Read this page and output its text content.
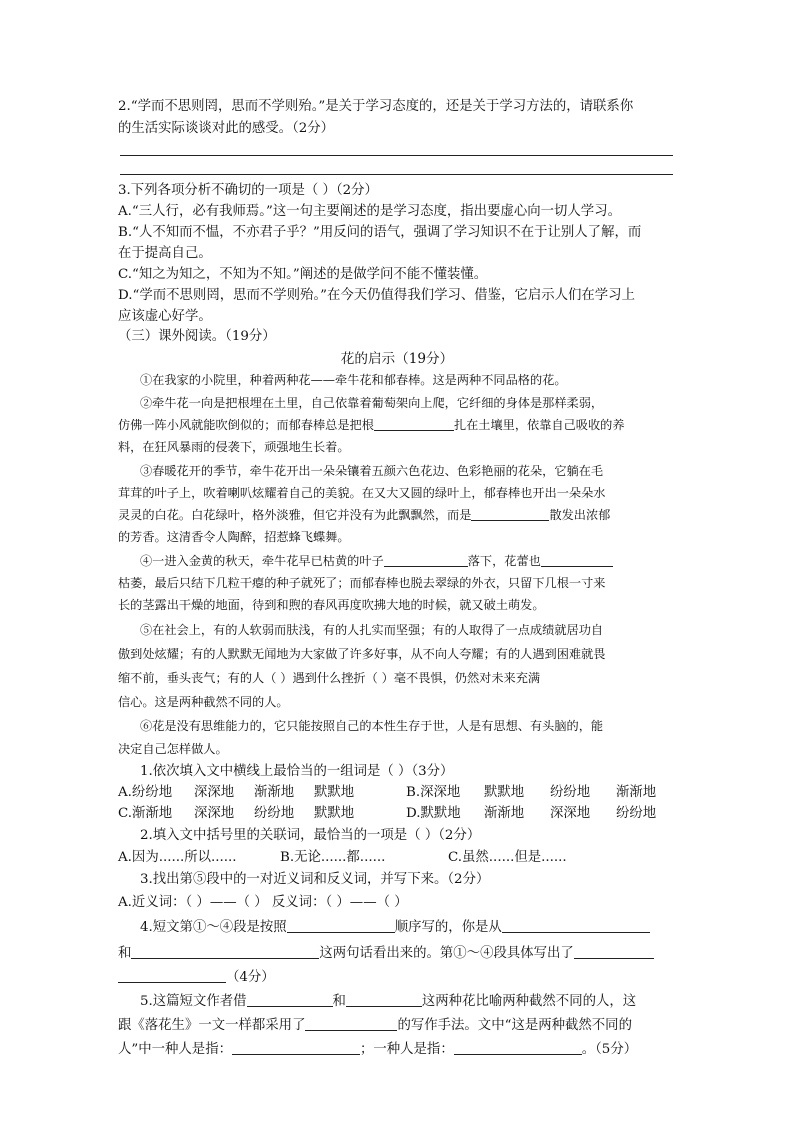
2.“学而不思则罔，思而不学则殆。”是关于学习态度的，还是关于学习方法的，请联系你
的生活实际谈谈对此的感受。（2分）
3.下列各项分析不确切的一项是（ ）（2分）
A.“三人行，必有我师焉。”这一句主要阐述的是学习态度，指出要虚心向一切人学习。
B.“人不知而不愠，不亦君子乎？”用反问的语气，强调了学习知识不在于让别人了解，而
在于提高自己。
C.“知之为知之，不知为不知。”阐述的是做学问不能不懂装懂。
D.“学而不思则罔，思而不学则殆。”在今天仍值得我们学习、借鉴，它启示人们在学习上
应该虚心好学。
（三）课外阅读。（19分）
花的启示（19分）
①在我家的小院里，种着两种花——牵牛花和郁春棒。这是两种不同品格的花。
②牵牛花一向是把根埋在土里，自己依靠着葡萄架向上爬，它纤细的身体是那样柔弱，
仿佛一阵小风就能吹倒似的；而郁春棒总是把根	扎在土壤里，依靠自己吸收的养
料，在狂风暴雨的侵袭下，顽强地生长着。
③春暖花开的季节，牵牛花开出一朵朵镶着五颜六色花边、色彩艳丽的花朵，它躺在毛
茸茸的叶子上，吹着喇叭炫耀着自己的美貌。在又大又圆的绿叶上，郁春棒也开出一朵朵水
灵灵的白花。白花绿叶，格外淡雅，但它并没有为此飘飘然，而是	散发出浓郁
的芳香。这清香令人陶醉，招惹蜂飞蝶舞。
④一进入金黄的秋天，牵牛花早已枯黄的叶子	落下，花蕾也
枯萎，最后只结下几粒干瘪的种子就死了；而郁春棒也脱去翠绿的外衣，只留下几根一寸来
长的茎露出干燥的地面，待到和煦的春风再度吹拂大地的时候，就又破土萌发。
⑤在社会上，有的人软弱而肤浅，有的人扎实而坚强；有的人取得了一点成绩就居功自
傲到处炫耀；有的人默默无闻地为大家做了许多好事，从不向人夸耀；有的人遇到困难就畏
缩不前，垂头丧气；有的人（ ）遇到什么挫折（ ）毫不畏惧，仍然对未来充满
信心。这是两种截然不同的人。
⑥花是没有思维能力的，它只能按照自己的本性生存于世，人是有思想、有头脑的，能
决定自己怎样做人。
1.依次填入文中横线上最恰当的一组词是（ ）（3分）
A.纷纷地 深深地 渐渐地 默默地	B.深深地 默默地 纷纷地 渐渐地
C.渐渐地 深深地 纷纷地 默默地	D.默默地 渐渐地 深深地 纷纷地
2.填入文中括号里的关联词，最恰当的一项是（ ）（2分）
A.因为......所以......	B.无论......都......	C.虽然......但是......
3.找出第⑤段中的一对近义词和反义词，并写下来。（2分）
A.近义词：（ ）——（ ） 反义词：（ ）——（ ）
4.短文第①～④段是按照	顺序写的，你是从
和	这两句话看出来的。第①～④段具体写出了
（4分）
5.这篇短文作者借	和	这两种花比喻两种截然不同的人，这
跟《落花生》一文一样都采用了	的写作手法。文中“这是两种截然不同的
人”中一种人是指：	；一种人是指：	。（5分）
